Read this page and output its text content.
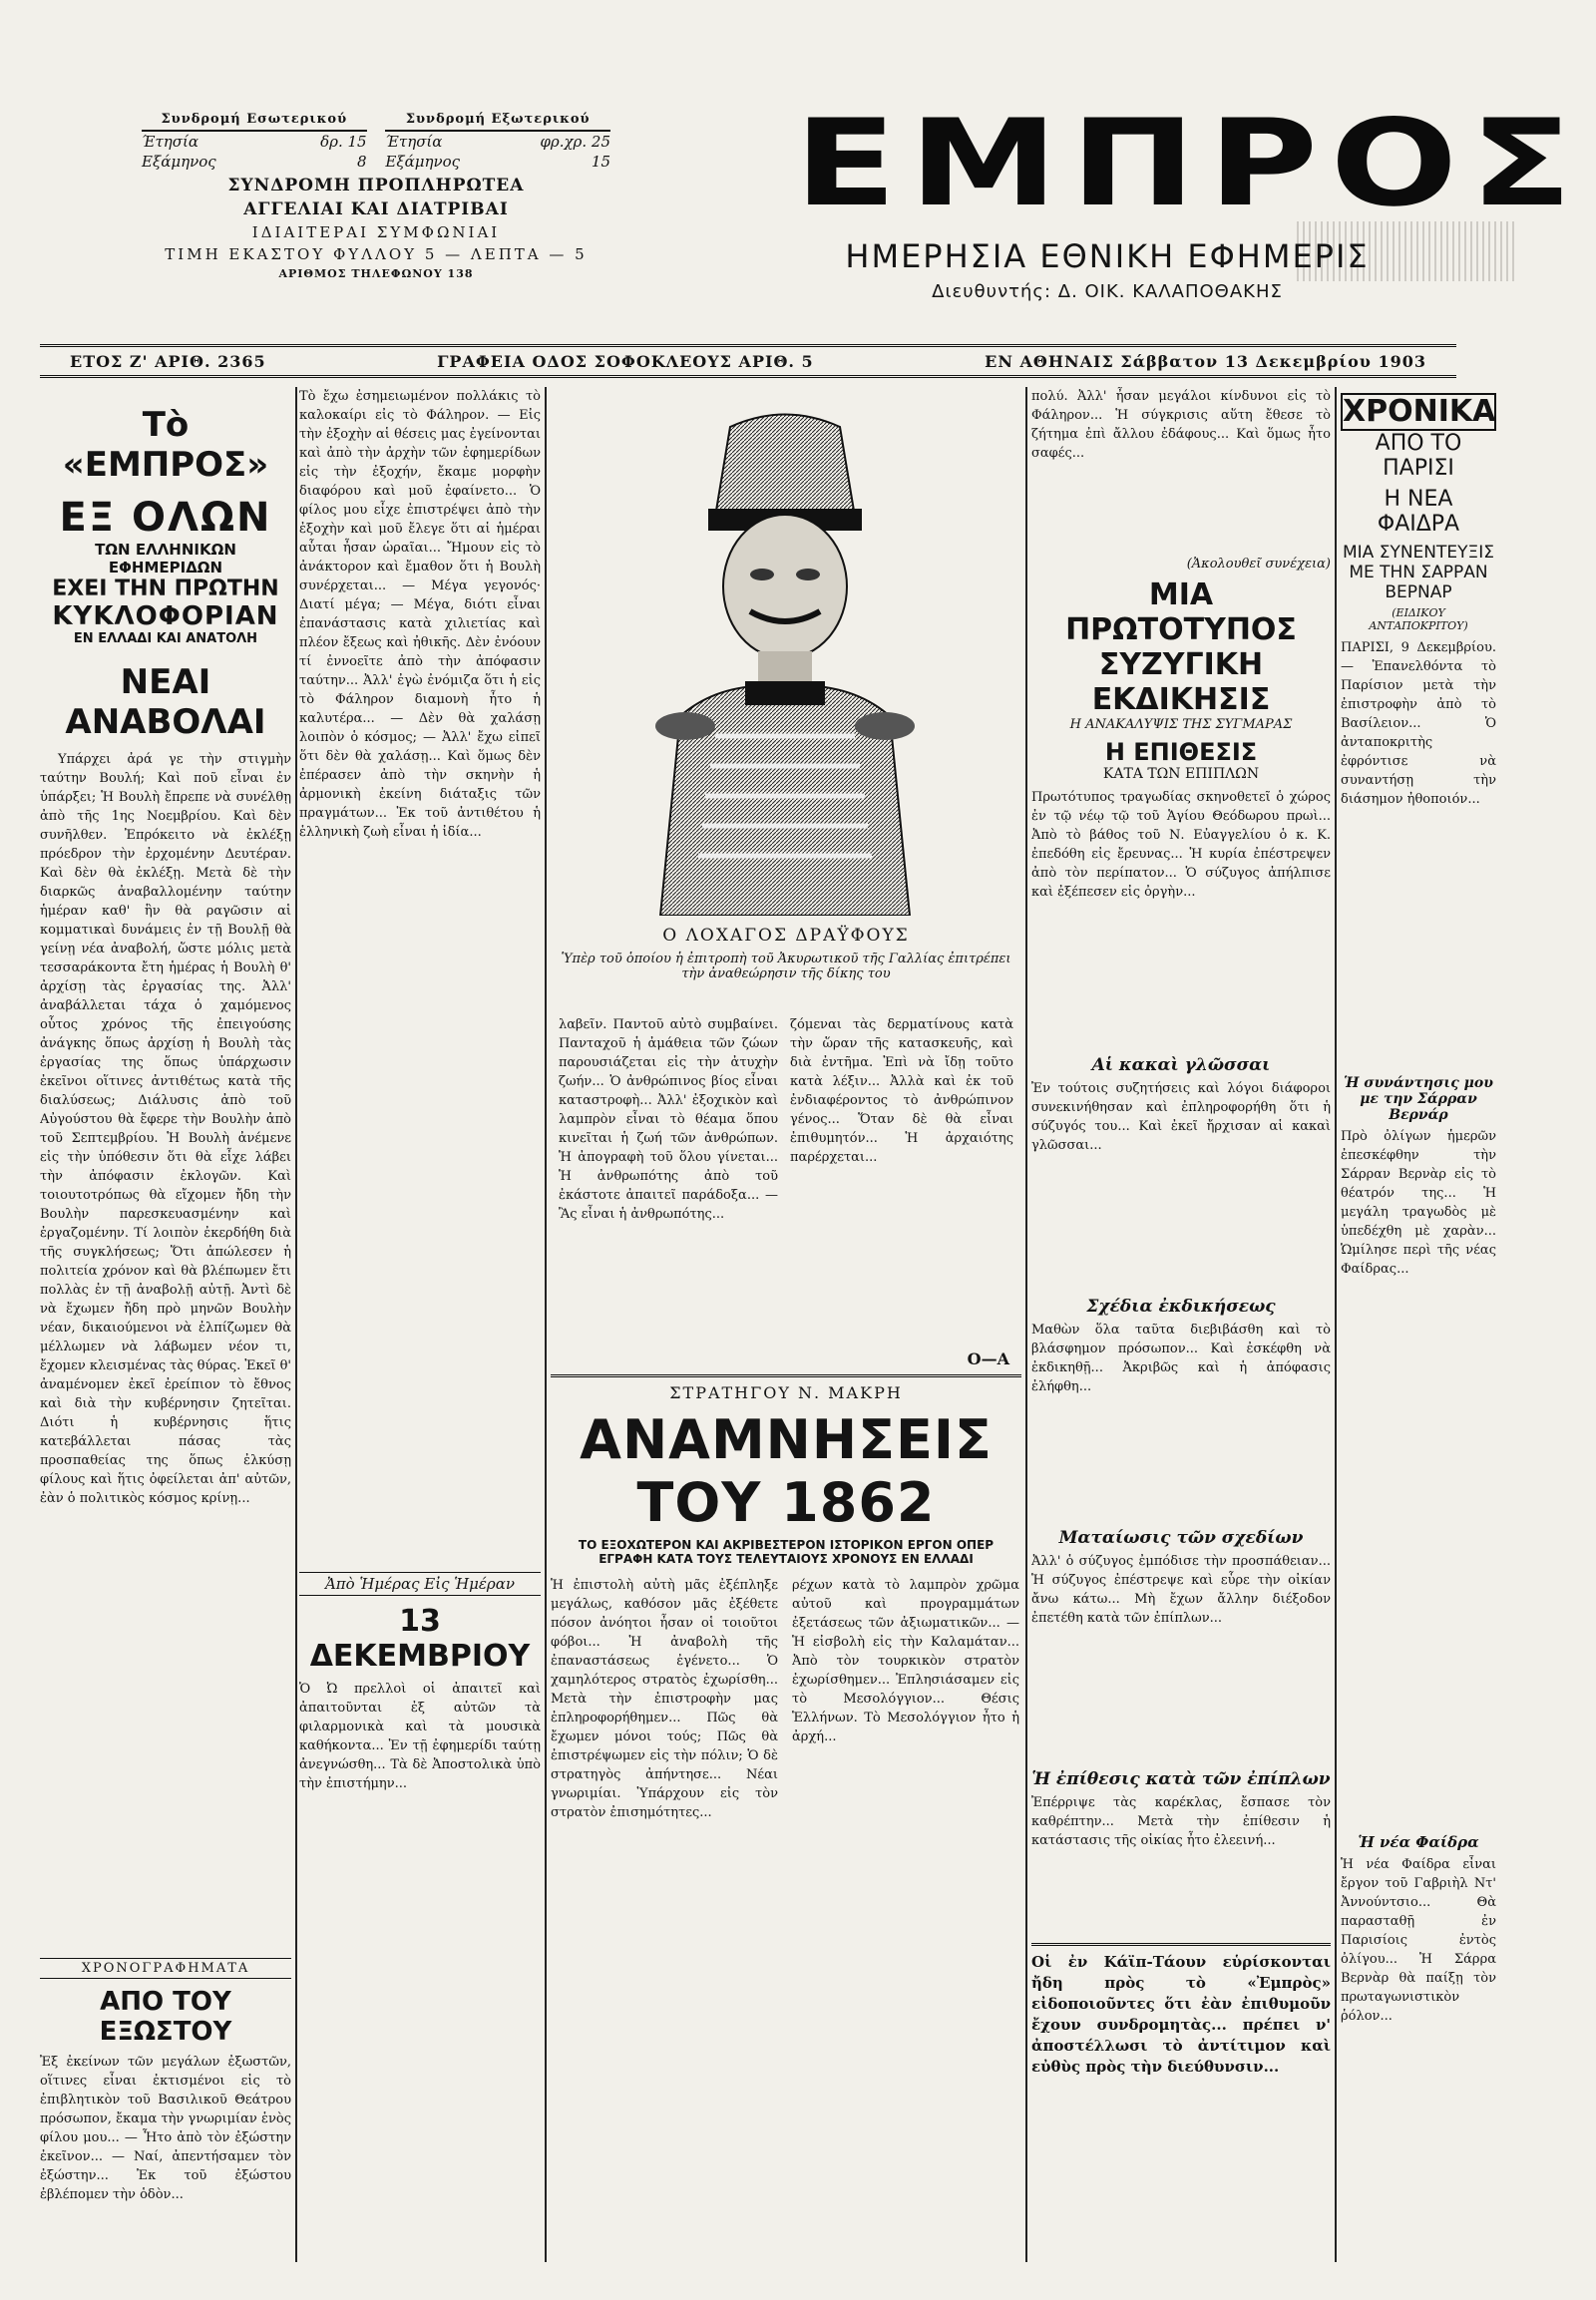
Συνδρομή Εσωτερικού
Έτησία	δρ. 15
Εξάμηνος	8
Συνδρομή Εξωτερικού
Έτησία	φρ.χρ. 25
Εξάμηνος	15
ΣΥΝΔΡΟΜΗ ΠΡΟΠΛΗΡΩΤΕΑ
ΑΓΓΕΛΙΑΙ ΚΑΙ ΔΙΑΤΡΙΒΑΙ
ΙΔΙΑΙΤΕΡΑΙ ΣΥΜΦΩΝΙΑΙ
ΤΙΜΗ ΕΚΑΣΤΟΥ ΦΥΛΛΟΥ 5 — ΛΕΠΤΑ — 5
ΑΡΙΘΜΟΣ ΤΗΛΕΦΩΝΟΥ 138
ΕΜΠΡΟΣ
ΗΜΕΡΗΣΙΑ ΕΘΝΙΚΗ ΕΦΗΜΕΡΙΣ
Διευθυντής: Δ. ΟΙΚ. ΚΑΛΑΠΟΘΑΚΗΣ
ΕΤΟΣ Ζ' ΑΡΙΘ. 2365	ΓΡΑΦΕΙΑ ΟΔΟΣ ΣΟΦΟΚΛΕΟΥΣ ΑΡΙΘ. 5	ΕΝ ΑΘΗΝΑΙΣ Σάββατον 13 Δεκεμβρίου 1903
Τὸ «ΕΜΠΡΟΣ»
ΕΞ ΟΛΩΝ
ΤΩΝ ΕΛΛΗΝΙΚΩΝ ΕΦΗΜΕΡΙΔΩΝ
ΕΧΕΙ ΤΗΝ ΠΡΩΤΗΝ
ΚΥΚΛΟΦΟΡΙΑΝ
ΕΝ ΕΛΛΑΔΙ ΚΑΙ ΑΝΑΤΟΛΗ
ΝΕΑΙ ΑΝΑΒΟΛΑΙ
Υπάρχει ἀρά γε τὴν στιγμὴν ταύτην Βουλή; Καὶ ποῦ εἶναι ἐν ὑπάρξει; Ἡ Βουλὴ ἔπρεπε νὰ συνέλθῃ ἀπὸ τῆς 1ης Νοεμβρίου. Καὶ δὲν συνῆλθεν. Ἐπρόκειτο νὰ ἐκλέξῃ πρόεδρον τὴν ἐρχομένην Δευτέραν. Καὶ δὲν θὰ ἐκλέξῃ. Μετὰ δὲ τὴν διαρκῶς ἀναβαλλομένην ταύτην ἡμέραν καθ' ἣν θὰ ραγῶσιν αἱ κομματικαὶ δυνάμεις ἐν τῇ Βουλῇ θὰ γείνῃ νέα ἀναβολή, ὥστε μόλις μετὰ τεσσαράκοντα ἔτη ἡμέρας ἡ Βουλὴ θ' ἀρχίσῃ τὰς ἐργασίας της. Ἀλλ' ἀναβάλλεται τάχα ὁ χαμόμενος οὗτος χρόνος τῆς ἐπειγούσης ἀνάγκης ὅπως ἀρχίσῃ ἡ Βουλὴ τὰς ἐργασίας της ὅπως ὑπάρχωσιν ἐκεῖνοι οἵτινες ἀντιθέτως κατὰ τῆς διαλύσεως; Διάλυσις ἀπὸ τοῦ Αὐγούστου θὰ ἔφερε τὴν Βουλὴν ἀπὸ τοῦ Σεπτεμβρίου. Ἡ Βουλὴ ἀνέμενε εἰς τὴν ὑπόθεσιν ὅτι θὰ εἶχε λάβει τὴν ἀπόφασιν ἐκλογῶν. Καὶ τοιουτοτρόπως θὰ εἴχομεν ἤδη τὴν Βουλὴν παρεσκευασμένην καὶ ἐργαζομένην. Τί λοιπὸν ἐκερδήθη διὰ τῆς συγκλήσεως; Ὅτι ἀπώλεσεν ἡ πολιτεία χρόνον καὶ θὰ βλέπωμεν ἔτι πολλὰς ἐν τῇ ἀναβολῇ αὐτῇ. Ἀντὶ δὲ νὰ ἔχωμεν ἤδη πρὸ μηνῶν Βουλὴν νέαν, δικαιούμενοι νὰ ἐλπίζωμεν θὰ μέλλωμεν νὰ λάβωμεν νέον τι, ἔχομεν κλεισμένας τὰς θύρας. Ἐκεῖ θ' ἀναμένομεν ἐκεῖ ἐρείπιον τὸ ἔθνος καὶ διὰ τὴν κυβέρνησιν ζητεῖται. Διότι ἡ κυβέρνησις ἥτις κατεβάλλεται πάσας τὰς προσπαθείας της ὅπως ἐλκύσῃ φίλους καὶ ἥτις ὀφείλεται ἀπ' αὐτῶν, ἐὰν ὁ πολιτικὸς κόσμος κρίνῃ...
Τὸ ἔχω ἐσημειωμένον πολλάκις τὸ καλοκαίρι εἰς τὸ Φάληρον. — Εἰς τὴν ἐξοχὴν αἱ θέσεις μας ἐγείνονται καὶ ἀπὸ τὴν ἀρχὴν τῶν ἐφημερίδων εἰς τὴν ἐξοχήν, ἔκαμε μορφὴν διαφόρου καὶ μοῦ ἐφαίνετο... Ὁ φίλος μου εἶχε ἐπιστρέψει ἀπὸ τὴν ἐξοχὴν καὶ μοῦ ἔλεγε ὅτι αἱ ἡμέραι αὗται ἦσαν ὡραῖαι... Ἤμουν εἰς τὸ ἀνάκτορον καὶ ἔμαθον ὅτι ἡ Βουλὴ συνέρχεται... — Μέγα γεγονός· Διατί μέγα; — Μέγα, διότι εἶναι ἐπανάστασις κατὰ χιλιετίας καὶ πλέον ἔξεως καὶ ἠθικῆς. Δὲν ἐνόουν τί ἐννοεῖτε ἀπὸ τὴν ἀπόφασιν ταύτην... Ἀλλ' ἐγὼ ἐνόμιζα ὅτι ἡ εἰς τὸ Φάληρον διαμονὴ ἦτο ἡ καλυτέρα... — Δὲν θὰ χαλάσῃ λοιπὸν ὁ κόσμος; — Ἀλλ' ἔχω εἰπεῖ ὅτι δὲν θὰ χαλάσῃ... Καὶ ὅμως δὲν ἐπέρασεν ἀπὸ τὴν σκηνὴν ἡ ἀρμονικὴ ἐκείνη διάταξις τῶν πραγμάτων... Ἐκ τοῦ ἀντιθέτου ἡ ἑλληνικὴ ζωὴ εἶναι ἡ ἰδία...
Ἀπὸ Ἡμέρας Εἰς Ἡμέραν
13 ΔΕΚΕΜΒΡΙΟΥ
Ὁ Ὠ πρελλοὶ οἱ ἀπαιτεῖ καὶ ἀπαιτοῦνται ἐξ αὐτῶν τὰ φιλαρμονικὰ καὶ τὰ μουσικὰ καθήκοντα... Ἐν τῇ ἐφημερίδι ταύτῃ ἀνεγνώσθη... Τὰ δὲ Ἀποστολικὰ ὑπὸ τὴν ἐπιστήμην...
ΧΡΟΝΟΓΡΑΦΗΜΑΤΑ
ΑΠΟ ΤΟΥ ΕΞΩΣΤΟΥ
Ἐξ ἐκείνων τῶν μεγάλων ἐξωστῶν, οἵτινες εἶναι ἐκτισμένοι εἰς τὸ ἐπιβλητικὸν τοῦ Βασιλικοῦ Θεάτρου πρόσωπον, ἔκαμα τὴν γνωριμίαν ἑνὸς φίλου μου... — Ἦτο ἀπὸ τὸν ἐξώστην ἐκεῖνον... — Ναί, ἀπεντήσαμεν τὸν ἐξώστην... Ἐκ τοῦ ἐξώστου ἐβλέπομεν τὴν ὁδὸν...
Ο ΛΟΧΑΓΟΣ ΔΡΑΫΦΟΥΣ
Ὑπὲρ τοῦ ὁποίου ἡ ἐπιτροπὴ τοῦ Ἀκυρωτικοῦ τῆς Γαλλίας ἐπιτρέπει τὴν ἀναθεώρησιν τῆς δίκης του
λαβεῖν. Παντοῦ αὐτὸ συμβαίνει. Πανταχοῦ ἡ ἀμάθεια τῶν ζώων παρουσιάζεται εἰς τὴν ἀτυχὴν ζωήν... Ὁ ἀνθρώπινος βίος εἶναι καταστροφὴ... Ἀλλ' ἐξοχικὸν καὶ λαμπρὸν εἶναι τὸ θέαμα ὅπου κινεῖται ἡ ζωή τῶν ἀνθρώπων. Ἡ ἀπογραφὴ τοῦ ὅλου γίνεται... Ἡ ἀνθρωπότης ἀπὸ τοῦ ἐκάστοτε ἀπαιτεῖ παράδοξα... — Ἂς εἶναι ἡ ἀνθρωπότης...
ζόμεναι τὰς δερματίνους κατὰ τὴν ὥραν τῆς κατασκευῆς, καὶ διὰ ἐντῆμα. Ἐπὶ νὰ ἴδῃ τοῦτο κατὰ λέξιν... Ἀλλὰ καὶ ἐκ τοῦ ἐνδιαφέροντος τὸ ἀνθρώπινον γένος... Ὅταν δὲ θὰ εἶναι ἐπιθυμητόν... Ἡ ἀρχαιότης παρέρχεται...
Ο—Α
ΣΤΡΑΤΗΓΟΥ Ν. ΜΑΚΡΗ
ΑΝΑΜΝΗΣΕΙΣ ΤΟΥ 1862
ΤΟ ΕΞΟΧΩΤΕΡΟΝ ΚΑΙ ΑΚΡΙΒΕΣΤΕΡΟΝ ΙΣΤΟΡΙΚΟΝ ΕΡΓΟΝ ΟΠΕΡ ΕΓΡΑΦΗ ΚΑΤΑ ΤΟΥΣ ΤΕΛΕΥΤΑΙΟΥΣ ΧΡΟΝΟΥΣ ΕΝ ΕΛΛΑΔΙ
Ἡ ἐπιστολὴ αὐτὴ μᾶς ἐξέπληξε μεγάλως, καθόσον μᾶς ἐξέθετε πόσον ἀνόητοι ἦσαν οἱ τοιοῦτοι φόβοι... Ἡ ἀναβολὴ τῆς ἐπαναστάσεως ἐγένετο... Ὁ χαμηλότερος στρατὸς ἐχωρίσθη... Μετὰ τὴν ἐπιστροφὴν μας ἐπληροφορήθημεν... Πῶς θὰ ἔχωμεν μόνοι τούς; Πῶς θὰ ἐπιστρέψωμεν εἰς τὴν πόλιν; Ὁ δὲ στρατηγὸς ἀπήντησε... Νέαι γνωριμίαι. Ὑπάρχουν εἰς τὸν στρατὸν ἐπισημότητες...
ρέχων κατὰ τὸ λαμπρὸν χρῶμα αὐτοῦ καὶ προγραμμάτων ἐξετάσεως τῶν ἀξιωματικῶν... — Ἡ εἰσβολὴ εἰς τὴν Καλαμάταν... Ἀπὸ τὸν τουρκικὸν στρατὸν ἐχωρίσθημεν... Ἐπλησιάσαμεν εἰς τὸ Μεσολόγγιον... Θέσις Ἑλλήνων. Τὸ Μεσολόγγιον ἦτο ἡ ἀρχή...
πολύ. Ἀλλ' ἦσαν μεγάλοι κίνδυνοι εἰς τὸ Φάληρον... Ἡ σύγκρισις αὕτη ἔθεσε τὸ ζήτημα ἐπὶ ἄλλου ἐδάφους... Καὶ ὅμως ἦτο σαφές...
(Ἀκολουθεῖ συνέχεια)
ΜΙΑ ΠΡΩΤΟΤΥΠΟΣ ΣΥΖΥΓΙΚΗ ΕΚΔΙΚΗΣΙΣ
Η ΑΝΑΚΑΛΥΨΙΣ ΤΗΣ ΣΥΓΜΑΡΑΣ
Η ΕΠΙΘΕΣΙΣ
ΚΑΤΑ ΤΩΝ ΕΠΙΠΛΩΝ
Πρωτότυπος τραγωδίας σκηνοθετεῖ ὁ χώρος ἐν τῷ νέῳ τῷ τοῦ Ἁγίου Θεόδωρου πρωὶ... Ἀπὸ τὸ βάθος τοῦ Ν. Εὐαγγελίου ὁ κ. Κ. ἐπεδόθη εἰς ἔρευνας... Ἡ κυρία ἐπέστρεψεν ἀπὸ τὸν περίπατον... Ὁ σύζυγος ἀπήλπισε καὶ ἐξέπεσεν εἰς ὀργὴν...
Αἱ κακαὶ γλῶσσαι
Ἐν τούτοις συζητήσεις καὶ λόγοι διάφοροι συνεκινήθησαν καὶ ἐπληροφορήθη ὅτι ἡ σύζυγός του... Καὶ ἐκεῖ ἤρχισαν αἱ κακαὶ γλῶσσαι...
Σχέδια ἐκδικήσεως
Μαθὼν ὅλα ταῦτα διεβιβάσθη καὶ τὸ βλάσφημον πρόσωπον... Καὶ ἐσκέφθη νὰ ἐκδικηθῇ... Ἀκριβῶς καὶ ἡ ἀπόφασις ἐλήφθη...
Ματαίωσις τῶν σχεδίων
Ἀλλ' ὁ σύζυγος ἐμπόδισε τὴν προσπάθειαν... Ἡ σύζυγος ἐπέστρεψε καὶ εὗρε τὴν οἰκίαν ἄνω κάτω... Μὴ ἔχων ἄλλην διέξοδον ἐπετέθη κατὰ τῶν ἐπίπλων...
Ἡ ἐπίθεσις κατὰ τῶν ἐπίπλων
Ἐπέρριψε τὰς καρέκλας, ἔσπασε τὸν καθρέπτην... Μετὰ τὴν ἐπίθεσιν ἡ κατάστασις τῆς οἰκίας ἦτο ἐλεεινή...
Οἱ ἐν Κάϊπ-Τάουν εὑρίσκονται ἤδη πρὸς τὸ «Ἐμπρὸς» εἰδοποιοῦντες ὅτι ἐὰν ἐπιθυμοῦν ἔχουν συνδρομητὰς... πρέπει ν' ἀποστέλλωσι τὸ ἀντίτιμον καὶ εὐθὺς πρὸς τὴν διεύθυνσιν...
ΧΡΟΝΙΚΑ
ΑΠΟ ΤΟ ΠΑΡΙΣΙ
Η ΝΕΑ ΦΑΙΔΡΑ
ΜΙΑ ΣΥΝΕΝΤΕΥΞΙΣ ΜΕ ΤΗΝ ΣΑΡΡΑΝ ΒΕΡΝΑΡ
(ΕΙΔΙΚΟΥ ΑΝΤΑΠΟΚΡΙΤΟΥ)
ΠΑΡΙΣΙ, 9 Δεκεμβρίου. — Ἐπανελθόντα τὸ Παρίσιον μετὰ τὴν ἐπιστροφὴν ἀπὸ τὸ Βασίλειον... Ὁ ἀνταποκριτὴς ἐφρόντισε νὰ συναντήσῃ τὴν διάσημον ἠθοποιόν...
Ἡ συνάντησις μου με την Σάρραν Βερνάρ
Πρὸ ὀλίγων ἡμερῶν ἐπεσκέφθην τὴν Σάρραν Βερνὰρ εἰς τὸ θέατρόν της... Ἡ μεγάλη τραγωδὸς μὲ ὑπεδέχθη μὲ χαρὰν... Ὡμίλησε περὶ τῆς νέας Φαίδρας...
Ἡ νέα Φαίδρα
Ἡ νέα Φαίδρα εἶναι ἔργον τοῦ Γαβριὴλ Ντ' Ἀννούντσιο... Θὰ παρασταθῇ ἐν Παρισίοις ἐντὸς ὀλίγου... Ἡ Σάρρα Βερνὰρ θὰ παίξῃ τὸν πρωταγωνιστικὸν ῥόλον...
